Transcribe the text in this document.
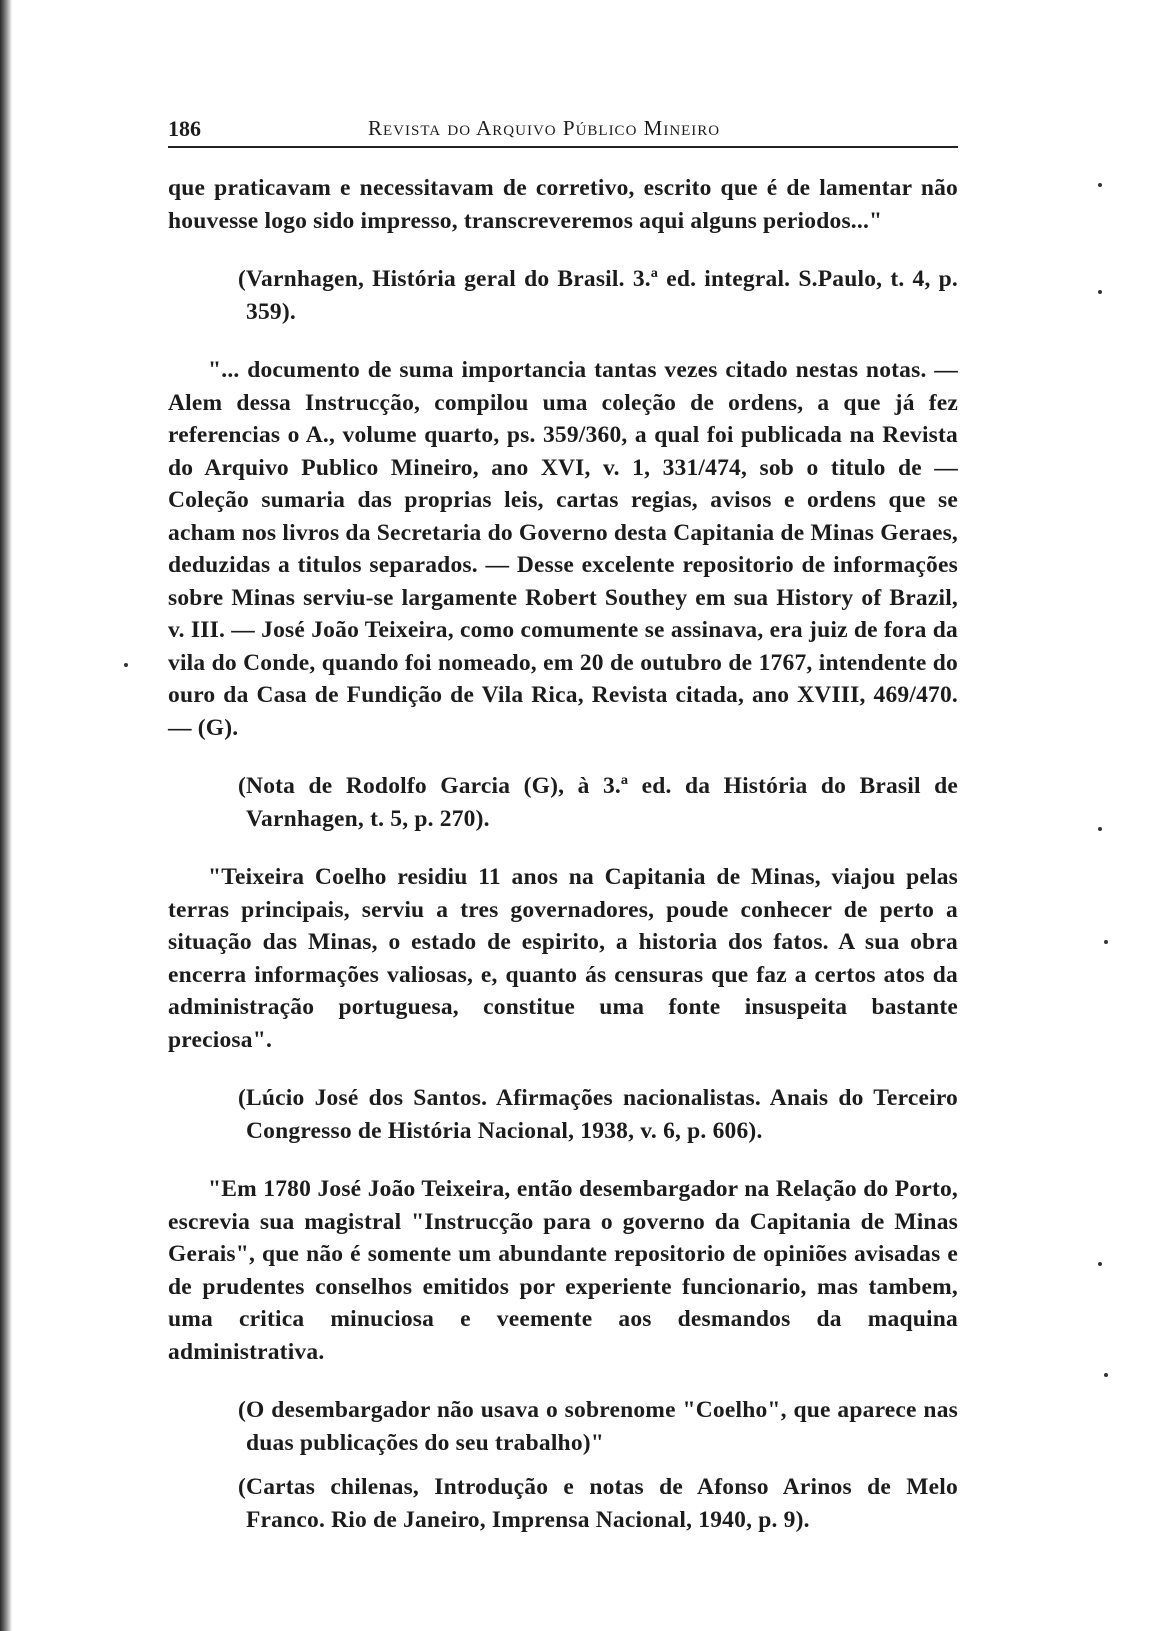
186	Revista do Arquivo Público Mineiro

que praticavam e necessitavam de corretivo, escrito que é de lamentar não houvesse logo sido impresso, transcreveremos aqui alguns periodos..."

(Varnhagen, História geral do Brasil. 3.ª ed. integral. S.Paulo, t. 4, p. 359).

"... documento de suma importancia tantas vezes citado nestas notas. — Alem dessa Instrucção, compilou uma coleção de ordens, a que já fez referencias o A., volume quarto, ps. 359/360, a qual foi publicada na Revista do Arquivo Publico Mineiro, ano XVI, v. 1, 331/474, sob o titulo de — Coleção sumaria das proprias leis, cartas regias, avisos e ordens que se acham nos livros da Secretaria do Governo desta Capitania de Minas Geraes, deduzidas a titulos separados. — Desse excelente repositorio de informações sobre Minas serviu-se largamente Robert Southey em sua History of Brazil, v. III. — José João Teixeira, como comumente se assinava, era juiz de fora da vila do Conde, quando foi nomeado, em 20 de outubro de 1767, intendente do ouro da Casa de Fundição de Vila Rica, Revista citada, ano XVIII, 469/470. — (G).

(Nota de Rodolfo Garcia (G), à 3.ª ed. da História do Brasil de Varnhagen, t. 5, p. 270).

"Teixeira Coelho residiu 11 anos na Capitania de Minas, viajou pelas terras principais, serviu a tres governadores, poude conhecer de perto a situação das Minas, o estado de espirito, a historia dos fatos. A sua obra encerra informações valiosas, e, quanto ás censuras que faz a certos atos da administração portuguesa, constitue uma fonte insuspeita bastante preciosa".

(Lúcio José dos Santos. Afirmações nacionalistas. Anais do Terceiro Congresso de História Nacional, 1938, v. 6, p. 606).

"Em 1780 José João Teixeira, então desembargador na Relação do Porto, escrevia sua magistral "Instrucção para o governo da Capitania de Minas Gerais", que não é somente um abundante repositorio de opiniões avisadas e de prudentes conselhos emitidos por experiente funcionario, mas tambem, uma critica minuciosa e veemente aos desmandos da maquina administrativa.

(O desembargador não usava o sobrenome "Coelho", que aparece nas duas publicações do seu trabalho)"

(Cartas chilenas, Introdução e notas de Afonso Arinos de Melo Franco. Rio de Janeiro, Imprensa Nacional, 1940, p. 9).
